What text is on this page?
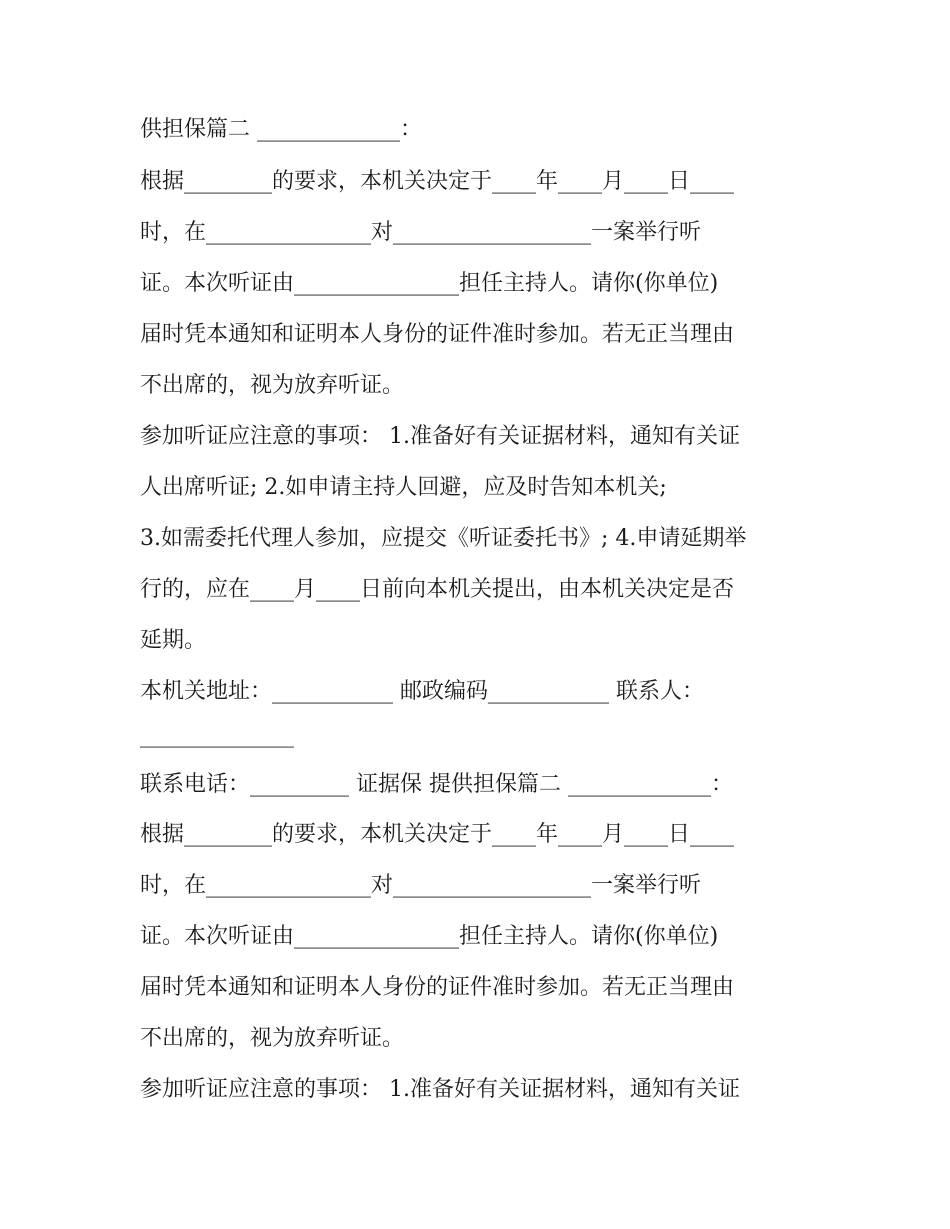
供担保篇二 _____________：
根据________的要求，本机关决定于____年____月____日____
时，在_______________对__________________一案举行听
证。本次听证由_______________担任主持人。请你(你单位)
届时凭本通知和证明本人身份的证件准时参加。若无正当理由
不出席的，视为放弃听证。
参加听证应注意的事项： 1.准备好有关证据材料，通知有关证
人出席听证; 2.如申请主持人回避，应及时告知本机关;
3.如需委托代理人参加，应提交《听证委托书》; 4.申请延期举
行的，应在____月____日前向本机关提出，由本机关决定是否
延期。
本机关地址：___________ 邮政编码___________ 联系人：
______________
联系电话：_________ 证据保 提供担保篇二 _____________：
根据________的要求，本机关决定于____年____月____日____
时，在_______________对__________________一案举行听
证。本次听证由_______________担任主持人。请你(你单位)
届时凭本通知和证明本人身份的证件准时参加。若无正当理由
不出席的，视为放弃听证。
参加听证应注意的事项： 1.准备好有关证据材料，通知有关证
